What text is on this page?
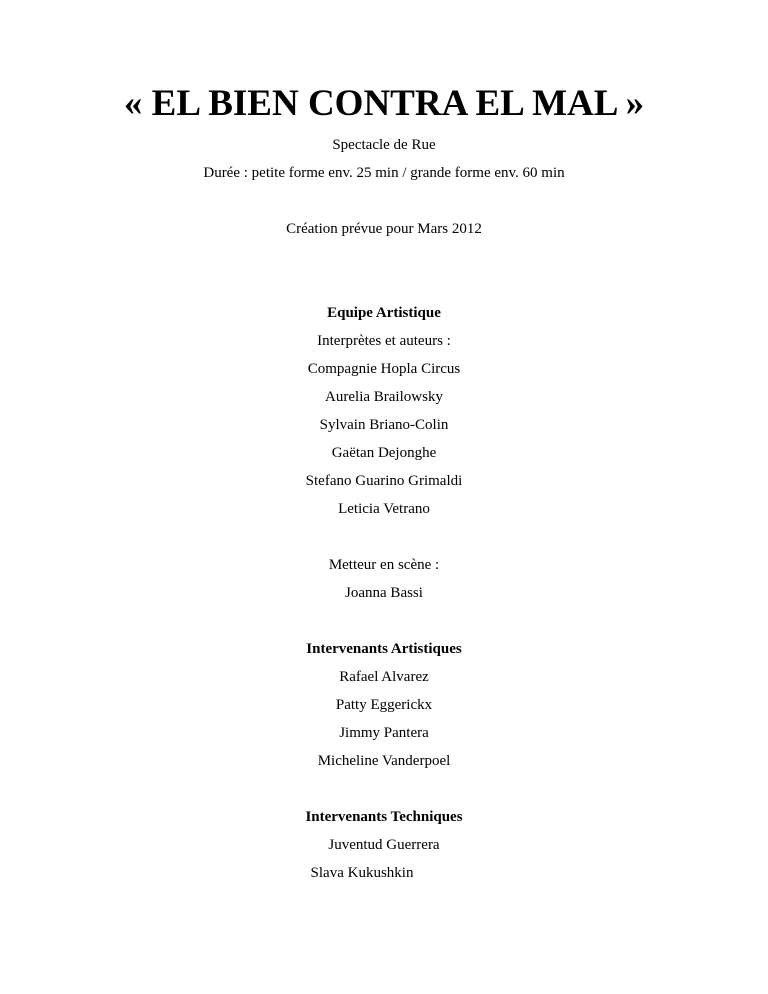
« EL BIEN CONTRA EL MAL »
Spectacle de Rue
Durée : petite forme env. 25 min / grande forme env. 60 min
Création prévue pour Mars 2012
Equipe Artistique
Interprètes et auteurs :
Compagnie Hopla Circus
Aurelia Brailowsky
Sylvain Briano-Colin
Gaëtan Dejonghe
Stefano Guarino Grimaldi
Leticia Vetrano
Metteur en scène :
Joanna Bassi
Intervenants Artistiques
Rafael Alvarez
Patty Eggerickx
Jimmy Pantera
Micheline Vanderpoel
Intervenants Techniques
Juventud Guerrera
Slava Kukushkin
